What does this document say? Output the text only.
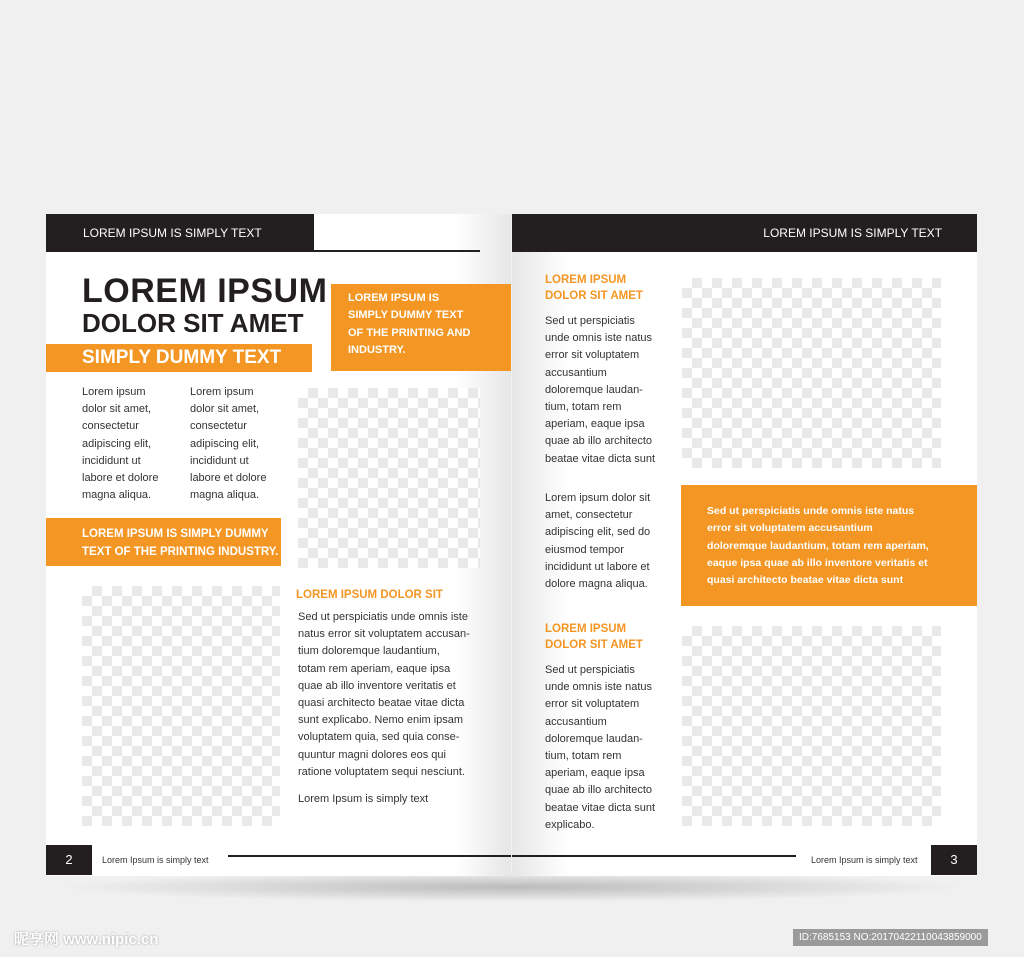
LOREM IPSUM IS SIMPLY TEXT
LOREM IPSUM
DOLOR SIT AMET
SIMPLY DUMMY TEXT
LOREM IPSUM IS
SIMPLY DUMMY TEXT
OF THE PRINTING AND
INDUSTRY.
Lorem ipsum
dolor sit amet,
consectetur
adipiscing elit,
incididunt ut
labore et dolore
magna aliqua.
Lorem ipsum
dolor sit amet,
consectetur
adipiscing elit,
incididunt ut
labore et dolore
magna aliqua.
LOREM IPSUM IS SIMPLY DUMMY
TEXT OF THE PRINTING INDUSTRY.
LOREM IPSUM DOLOR SIT
Sed ut perspiciatis unde omnis iste
natus error sit voluptatem accusan-
tium doloremque laudantium,
totam rem aperiam, eaque ipsa
quae ab illo inventore veritatis et
quasi architecto beatae vitae dicta
sunt explicabo. Nemo enim ipsam
voluptatem quia, sed quia conse-
quuntur magni dolores eos qui
ratione voluptatem sequi nesciunt.
Lorem Ipsum is simply text
2	Lorem Ipsum is simply text
LOREM IPSUM IS SIMPLY TEXT
LOREM IPSUM
DOLOR SIT AMET
Sed ut perspiciatis
unde omnis iste natus
error sit voluptatem
accusantium
doloremque laudan-
tium, totam rem
aperiam, eaque ipsa
quae ab illo architecto
beatae vitae dicta sunt
Lorem ipsum dolor sit
amet, consectetur
adipiscing elit, sed do
eiusmod tempor
incididunt ut labore et
dolore magna aliqua.
LOREM IPSUM
DOLOR SIT AMET
Sed ut perspiciatis
unde omnis iste natus
error sit voluptatem
accusantium
doloremque laudan-
tium, totam rem
aperiam, eaque ipsa
quae ab illo architecto
beatae vitae dicta sunt
explicabo.
Sed ut perspiciatis unde omnis iste natus
error sit voluptatem accusantium
doloremque laudantium, totam rem aperiam,
eaque ipsa quae ab illo inventore veritatis et
quasi architecto beatae vitae dicta sunt
Lorem Ipsum is simply text	3
昵享网 www.nipic.cn	ID:7685153 NO:20170422110043859000
